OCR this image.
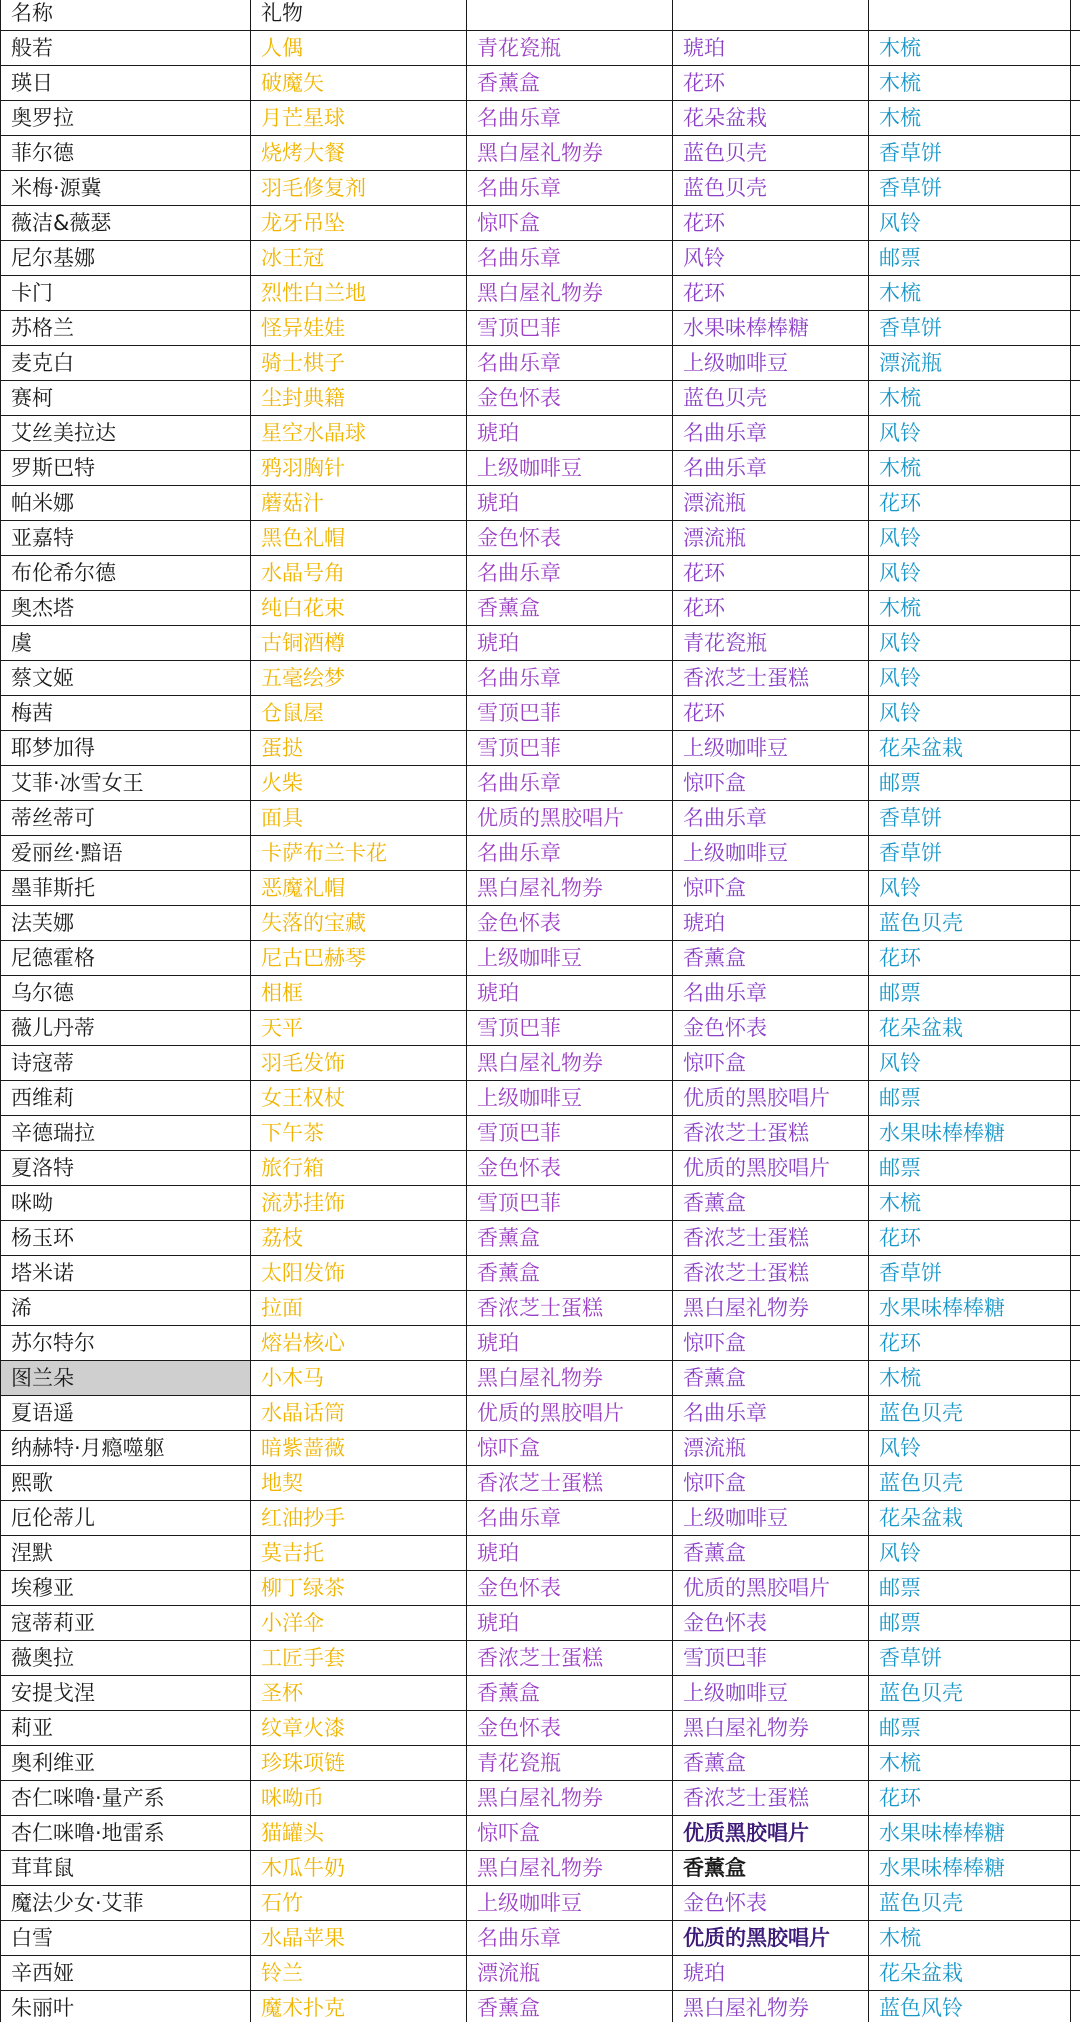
名称	礼物				
般若	人偶	青花瓷瓶	琥珀	木梳	
瑛日	破魔矢	香薰盒	花环	木梳	
奥罗拉	月芒星球	名曲乐章	花朵盆栽	木梳	
菲尔德	烧烤大餐	黑白屋礼物券	蓝色贝壳	香草饼	
米梅·源冀	羽毛修复剂	名曲乐章	蓝色贝壳	香草饼	
薇洁&薇瑟	龙牙吊坠	惊吓盒	花环	风铃	
尼尔基娜	冰王冠	名曲乐章	风铃	邮票	
卡门	烈性白兰地	黑白屋礼物券	花环	木梳	
苏格兰	怪异娃娃	雪顶巴菲	水果味棒棒糖	香草饼	
麦克白	骑士棋子	名曲乐章	上级咖啡豆	漂流瓶	
赛柯	尘封典籍	金色怀表	蓝色贝壳	木梳	
艾丝美拉达	星空水晶球	琥珀	名曲乐章	风铃	
罗斯巴特	鸦羽胸针	上级咖啡豆	名曲乐章	木梳	
帕米娜	蘑菇汁	琥珀	漂流瓶	花环	
亚嘉特	黑色礼帽	金色怀表	漂流瓶	风铃	
布伦希尔德	水晶号角	名曲乐章	花环	风铃	
奥杰塔	纯白花束	香薰盒	花环	木梳	
虞	古铜酒樽	琥珀	青花瓷瓶	风铃	
蔡文姬	五毫绘梦	名曲乐章	香浓芝士蛋糕	风铃	
梅茜	仓鼠屋	雪顶巴菲	花环	风铃	
耶梦加得	蛋挞	雪顶巴菲	上级咖啡豆	花朵盆栽	
艾菲·冰雪女王	火柴	名曲乐章	惊吓盒	邮票	
蒂丝蒂可	面具	优质的黑胶唱片	名曲乐章	香草饼	
爱丽丝·黯语	卡萨布兰卡花	名曲乐章	上级咖啡豆	香草饼	
墨菲斯托	恶魔礼帽	黑白屋礼物券	惊吓盒	风铃	
法芙娜	失落的宝藏	金色怀表	琥珀	蓝色贝壳	
尼德霍格	尼古巴赫琴	上级咖啡豆	香薰盒	花环	
乌尔德	相框	琥珀	名曲乐章	邮票	
薇儿丹蒂	天平	雪顶巴菲	金色怀表	花朵盆栽	
诗寇蒂	羽毛发饰	黑白屋礼物券	惊吓盒	风铃	
西维莉	女王权杖	上级咖啡豆	优质的黑胶唱片	邮票	
辛德瑞拉	下午茶	雪顶巴菲	香浓芝士蛋糕	水果味棒棒糖	
夏洛特	旅行箱	金色怀表	优质的黑胶唱片	邮票	
咪呦	流苏挂饰	雪顶巴菲	香薰盒	木梳	
杨玉环	荔枝	香薰盒	香浓芝士蛋糕	花环	
塔米诺	太阳发饰	香薰盒	香浓芝士蛋糕	香草饼	
浠	拉面	香浓芝士蛋糕	黑白屋礼物券	水果味棒棒糖	
苏尔特尔	熔岩核心	琥珀	惊吓盒	花环	
图兰朵	小木马	黑白屋礼物券	香薰盒	木梳	
夏语遥	水晶话筒	优质的黑胶唱片	名曲乐章	蓝色贝壳	
纳赫特·月瘾噬躯	暗紫蔷薇	惊吓盒	漂流瓶	风铃	
熙歌	地契	香浓芝士蛋糕	惊吓盒	蓝色贝壳	
厄伦蒂儿	红油抄手	名曲乐章	上级咖啡豆	花朵盆栽	
涅默	莫吉托	琥珀	香薰盒	风铃	
埃穆亚	柳丁绿茶	金色怀表	优质的黑胶唱片	邮票	
寇蒂莉亚	小洋伞	琥珀	金色怀表	邮票	
薇奥拉	工匠手套	香浓芝士蛋糕	雪顶巴菲	香草饼	
安提戈涅	圣杯	香薰盒	上级咖啡豆	蓝色贝壳	
莉亚	纹章火漆	金色怀表	黑白屋礼物券	邮票	
奥利维亚	珍珠项链	青花瓷瓶	香薰盒	木梳	
杏仁咪噜·量产系	咪呦币	黑白屋礼物券	香浓芝士蛋糕	花环	
杏仁咪噜·地雷系	猫罐头	惊吓盒	优质黑胶唱片	水果味棒棒糖	
茸茸鼠	木瓜牛奶	黑白屋礼物券	香薰盒	水果味棒棒糖	
魔法少女·艾菲	石竹	上级咖啡豆	金色怀表	蓝色贝壳	
白雪	水晶苹果	名曲乐章	优质的黑胶唱片	木梳	
辛西娅	铃兰	漂流瓶	琥珀	花朵盆栽	
朱丽叶	魔术扑克	香薰盒	黑白屋礼物券	蓝色风铃	
